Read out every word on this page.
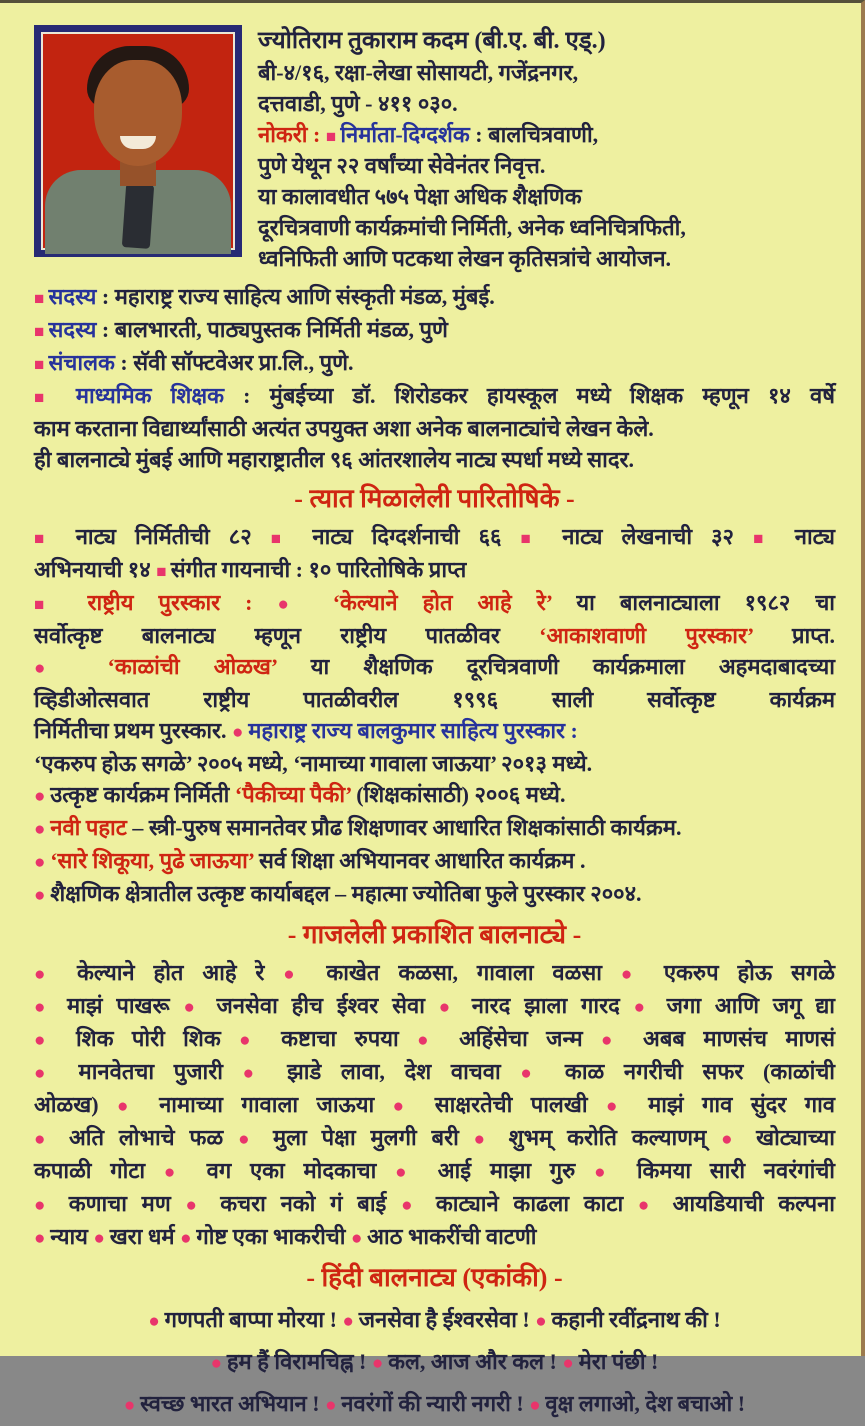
ज्योतिराम तुकाराम कदम (बी.ए. बी. एड्.)
बी-४/१६, रक्षा-लेखा सोसायटी, गजेंद्रनगर,
दत्तवाडी, पुणे - ४११ ०३०.
नोकरी : ■ निर्माता-दिग्दर्शक : बालचित्रवाणी,
पुणे येथून २२ वर्षांच्या सेवेनंतर निवृत्त.
या कालावधीत ५७५ पेक्षा अधिक शैक्षणिक
दूरचित्रवाणी कार्यक्रमांची निर्मिती, अनेक ध्वनिचित्रफिती,
ध्वनिफिती आणि पटकथा लेखन कृतिसत्रांचे आयोजन.
■ सदस्य : महाराष्ट्र राज्य साहित्य आणि संस्कृती मंडळ, मुंबई.
■ सदस्य : बालभारती, पाठ्यपुस्तक निर्मिती मंडळ, पुणे
■ संचालक : सॅवी सॉफ्टवेअर प्रा.लि., पुणे.
■ माध्यमिक शिक्षक : मुंबईच्या डॉ. शिरोडकर हायस्कूल मध्ये शिक्षक म्हणून १४ वर्षे
काम करताना विद्यार्थ्यांसाठी अत्यंत उपयुक्त अशा अनेक बालनाट्यांचे लेखन केले.
ही बालनाट्ये मुंबई आणि महाराष्ट्रातील ९६ आंतरशालेय नाट्य स्पर्धा मध्ये सादर.
- त्यात मिळालेली पारितोषिके -
■ नाट्य निर्मितीची ८२ ■ नाट्य दिग्दर्शनाची ६६ ■ नाट्य लेखनाची ३२ ■ नाट्य
अभिनयाची १४ ■ संगीत गायनाची : १० पारितोषिके प्राप्त
■ राष्ट्रीय पुरस्कार : ● ‘केल्याने होत आहे रे’ या बालनाट्याला १९८२ चा
सर्वोत्कृष्ट बालनाट्य म्हणून राष्ट्रीय पातळीवर ‘आकाशवाणी पुरस्कार’ प्राप्त.
● ‘काळांची ओळख’ या शैक्षणिक दूरचित्रवाणी कार्यक्रमाला अहमदाबादच्या
व्हिडीओत्सवात राष्ट्रीय पातळीवरील १९९६ साली सर्वोत्कृष्ट कार्यक्रम
निर्मितीचा प्रथम पुरस्कार. ● महाराष्ट्र राज्य बालकुमार साहित्य पुरस्कार :
‘एकरुप होऊ सगळे’ २००५ मध्ये, ‘नामाच्या गावाला जाऊया’ २०१३ मध्ये.
● उत्कृष्ट कार्यक्रम निर्मिती ‘पैकीच्या पैकी’ (शिक्षकांसाठी) २००६ मध्ये.
● नवी पहाट – स्त्री-पुरुष समानतेवर प्रौढ शिक्षणावर आधारित शिक्षकांसाठी कार्यक्रम.
● ‘सारे शिकूया, पुढे जाऊया’ सर्व शिक्षा अभियानवर आधारित कार्यक्रम .
● शैक्षणिक क्षेत्रातील उत्कृष्ट कार्याबद्दल – महात्मा ज्योतिबा फुले पुरस्कार २००४.
- गाजलेली प्रकाशित बालनाट्ये -
● केल्याने होत आहे रे ● काखेत कळसा, गावाला वळसा ● एकरुप होऊ सगळे
● माझं पाखरू ● जनसेवा हीच ईश्वर सेवा ● नारद झाला गारद ● जगा आणि जगू द्या
● शिक पोरी शिक ● कष्टाचा रुपया ● अहिंसेचा जन्म ● अबब माणसंच माणसं
● मानवेतचा पुजारी ● झाडे लावा, देश वाचवा ● काळ नगरीची सफर (काळांची
ओळख) ● नामाच्या गावाला जाऊया ● साक्षरतेची पालखी ● माझं गाव सुंदर गाव
● अति लोभाचे फळ ● मुला पेक्षा मुलगी बरी ● शुभम् करोति कल्याणम् ● खोट्याच्या
कपाळी गोटा ● वग एका मोदकाचा ● आई माझा गुरु ● किमया सारी नवरंगांची
● कणाचा मण ● कचरा नको गं बाई ● काट्याने काढला काटा ● आयडियाची कल्पना
● न्याय ● खरा धर्म ● गोष्ट एका भाकरीची ● आठ भाकरींची वाटणी
- हिंदी बालनाट्य (एकांकी) -
● गणपती बाप्पा मोरया ! ● जनसेवा है ईश्वरसेवा ! ● कहानी रवींद्रनाथ की !
● हम हैं विरामचिह्न ! ● कल, आज और कल ! ● मेरा पंछी !
● स्वच्छ भारत अभियान ! ● नवरंगों की न्यारी नगरी ! ● वृक्ष लगाओ, देश बचाओ !
